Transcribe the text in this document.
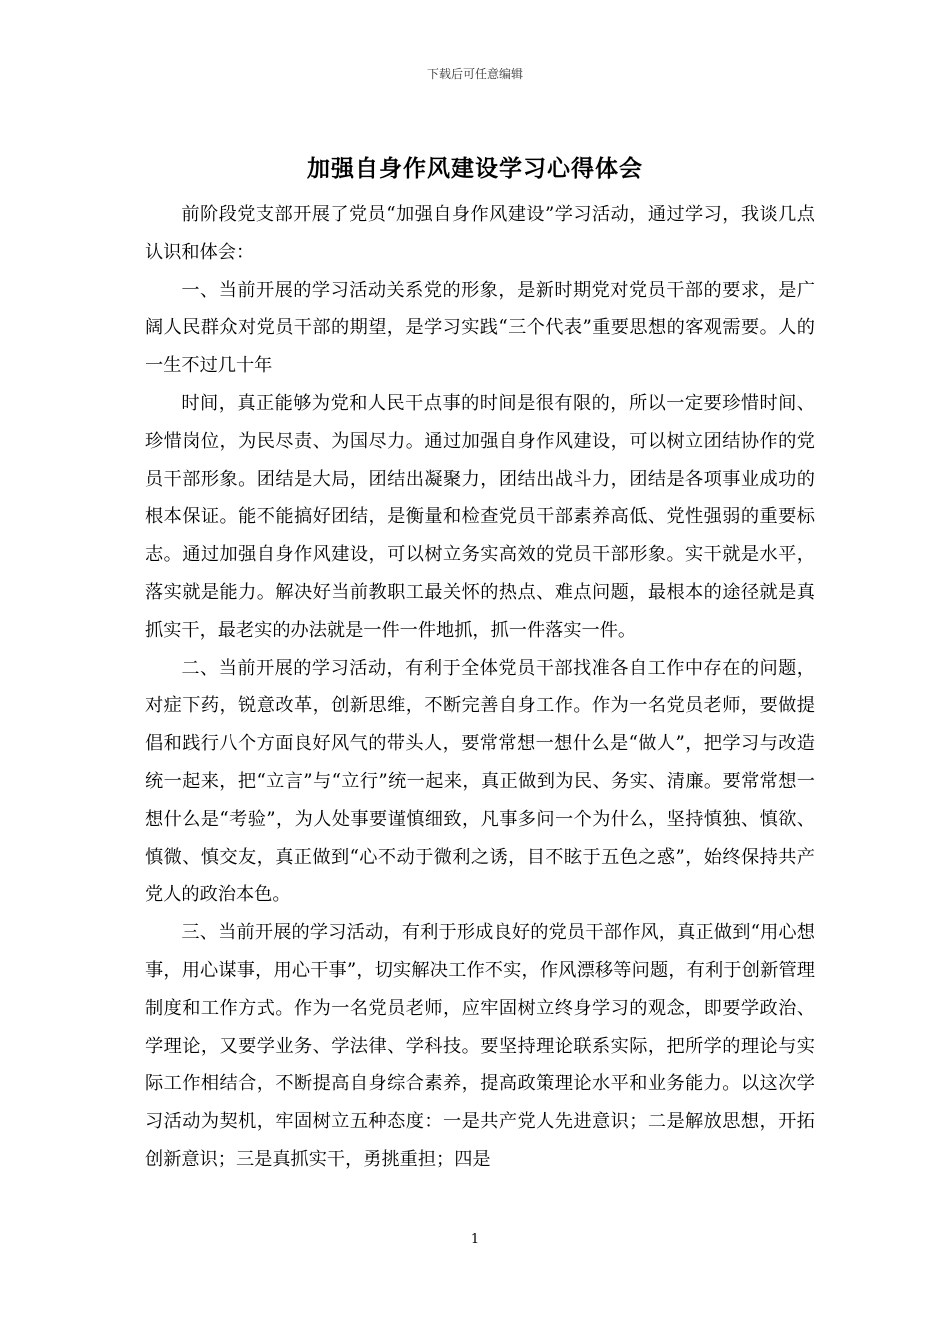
下载后可任意编辑
加强自身作风建设学习心得体会

前阶段党支部开展了党员“加强自身作风建设”学习活动，通过学习，我谈几点认识和体会：

一、当前开展的学习活动关系党的形象，是新时期党对党员干部的要求，是广阔人民群众对党员干部的期望，是学习实践“三个代表”重要思想的客观需要。人的一生不过几十年

时间，真正能够为党和人民干点事的时间是很有限的，所以一定要珍惜时间、珍惜岗位，为民尽责、为国尽力。通过加强自身作风建设，可以树立团结协作的党员干部形象。团结是大局，团结出凝聚力，团结出战斗力，团结是各项事业成功的根本保证。能不能搞好团结，是衡量和检查党员干部素养高低、党性强弱的重要标志。通过加强自身作风建设，可以树立务实高效的党员干部形象。实干就是水平，落实就是能力。解决好当前教职工最关怀的热点、难点问题，最根本的途径就是真抓实干，最老实的办法就是一件一件地抓，抓一件落实一件。

二、当前开展的学习活动，有利于全体党员干部找准各自工作中存在的问题，对症下药，锐意改革，创新思维，不断完善自身工作。作为一名党员老师，要做提倡和践行八个方面良好风气的带头人，要常常想一想什么是“做人”，把学习与改造统一起来，把“立言”与“立行”统一起来，真正做到为民、务实、清廉。要常常想一想什么是“考验”，为人处事要谨慎细致，凡事多问一个为什么，坚持慎独、慎欲、慎微、慎交友，真正做到“心不动于微利之诱，目不眩于五色之惑”，始终保持共产党人的政治本色。

三、当前开展的学习活动，有利于形成良好的党员干部作风，真正做到“用心想事，用心谋事，用心干事”，切实解决工作不实，作风漂移等问题，有利于创新管理制度和工作方式。作为一名党员老师，应牢固树立终身学习的观念，即要学政治、学理论，又要学业务、学法律、学科技。要坚持理论联系实际，把所学的理论与实际工作相结合，不断提高自身综合素养，提高政策理论水平和业务能力。以这次学习活动为契机，牢固树立五种态度：一是共产党人先进意识；二是解放思想，开拓创新意识；三是真抓实干，勇挑重担；四是

1
